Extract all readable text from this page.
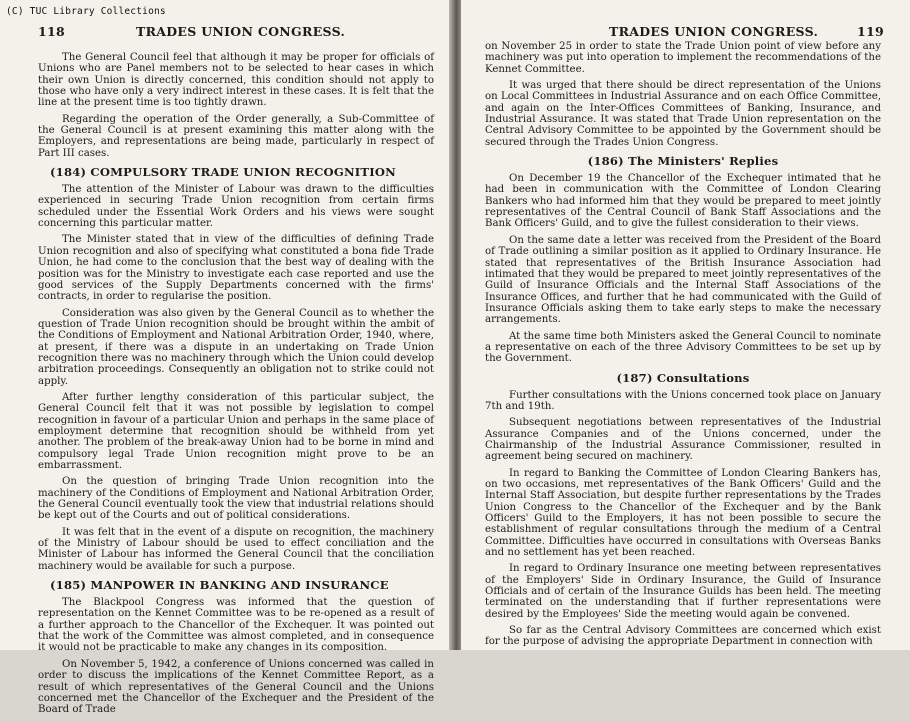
(C) TUC Library Collections
118	TRADES UNION CONGRESS.

The General Council feel that although it may be proper for officials of Unions who are Panel members not to be selected to hear cases in which their own Union is directly concerned, this condition should not apply to those who have only a very indirect interest in these cases. It is felt that the line at the present time is too tightly drawn.

Regarding the operation of the Order generally, a Sub-Committee of the General Council is at present examining this matter along with the Employers, and representations are being made, particularly in respect of Part III cases.

(184) COMPULSORY TRADE UNION RECOGNITION

The attention of the Minister of Labour was drawn to the difficulties experienced in securing Trade Union recognition from certain firms scheduled under the Essential Work Orders and his views were sought concerning this particular matter.

The Minister stated that in view of the difficulties of defining Trade Union recognition and also of specifying what constituted a bona fide Trade Union, he had come to the conclusion that the best way of dealing with the position was for the Ministry to investigate each case reported and use the good services of the Supply Departments concerned with the firms' contracts, in order to regularise the position.

Consideration was also given by the General Council as to whether the question of Trade Union recognition should be brought within the ambit of the Conditions of Employment and National Arbitration Order, 1940, where, at present, if there was a dispute in an undertaking on Trade Union recognition there was no machinery through which the Union could develop arbitration proceedings. Consequently an obligation not to strike could not apply.

After further lengthy consideration of this particular subject, the General Council felt that it was not possible by legislation to compel recognition in favour of a particular Union and perhaps in the same place of employment determine that recognition should be withheld from yet another. The problem of the break-away Union had to be borne in mind and compulsory legal Trade Union recognition might prove to be an embarrassment.

On the question of bringing Trade Union recognition into the machinery of the Conditions of Employment and National Arbitration Order, the General Council eventually took the view that industrial relations should be kept out of the Courts and out of political considerations.

It was felt that in the event of a dispute on recognition, the machinery of the Ministry of Labour should be used to effect conciliation and the Minister of Labour has informed the General Council that the conciliation machinery would be available for such a purpose.

(185) MANPOWER IN BANKING AND INSURANCE

The Blackpool Congress was informed that the question of representation on the Kennet Committee was to be re-opened as a result of a further approach to the Chancellor of the Exchequer. It was pointed out that the work of the Committee was almost completed, and in consequence it would not be practicable to make any changes in its composition.

On November 5, 1942, a conference of Unions concerned was called in order to discuss the implications of the Kennet Committee Report, as a result of which representatives of the General Council and the Unions concerned met the Chancellor of the Exchequer and the President of the Board of Trade

TRADES UNION CONGRESS.	119

on November 25 in order to state the Trade Union point of view before any machinery was put into operation to implement the recommendations of the Kennet Committee.

It was urged that there should be direct representation of the Unions on Local Committees in Industrial Assurance and on each Office Committee, and again on the Inter-Offices Committees of Banking, Insurance, and Industrial Assurance. It was stated that Trade Union representation on the Central Advisory Committee to be appointed by the Government should be secured through the Trades Union Congress.

(186) The Ministers' Replies

On December 19 the Chancellor of the Exchequer intimated that he had been in communication with the Committee of London Clearing Bankers who had informed him that they would be prepared to meet jointly representatives of the Central Council of Bank Staff Associations and the Bank Officers' Guild, and to give the fullest consideration to their views.

On the same date a letter was received from the President of the Board of Trade outlining a similar position as it applied to Ordinary Insurance. He stated that representatives of the British Insurance Association had intimated that they would be prepared to meet jointly representatives of the Guild of Insurance Officials and the Internal Staff Associations of the Insurance Offices, and further that he had communicated with the Guild of Insurance Officials asking them to take early steps to make the necessary arrangements.

At the same time both Ministers asked the General Council to nominate a representative on each of the three Advisory Committees to be set up by the Government.

(187) Consultations

Further consultations with the Unions concerned took place on January 7th and 19th.

Subsequent negotiations between representatives of the Industrial Assurance Companies and of the Unions concerned, under the Chairmanship of the Industrial Assurance Commissioner, resulted in agreement being secured on machinery.

In regard to Banking the Committee of London Clearing Bankers has, on two occasions, met representatives of the Bank Officers' Guild and the Internal Staff Association, but despite further representations by the Trades Union Congress to the Chancellor of the Exchequer and by the Bank Officers' Guild to the Employers, it has not been possible to secure the establishment of regular consultations through the medium of a Central Committee. Difficulties have occurred in consultations with Overseas Banks and no settlement has yet been reached.

In regard to Ordinary Insurance one meeting between representatives of the Employers' Side in Ordinary Insurance, the Guild of Insurance Officials and of certain of the Insurance Guilds has been held. The meeting terminated on the understanding that if further representations were desired by the Employees' Side the meeting would again be convened.

So far as the Central Advisory Committees are concerned which exist for the purpose of advising the appropriate Department in connection with
